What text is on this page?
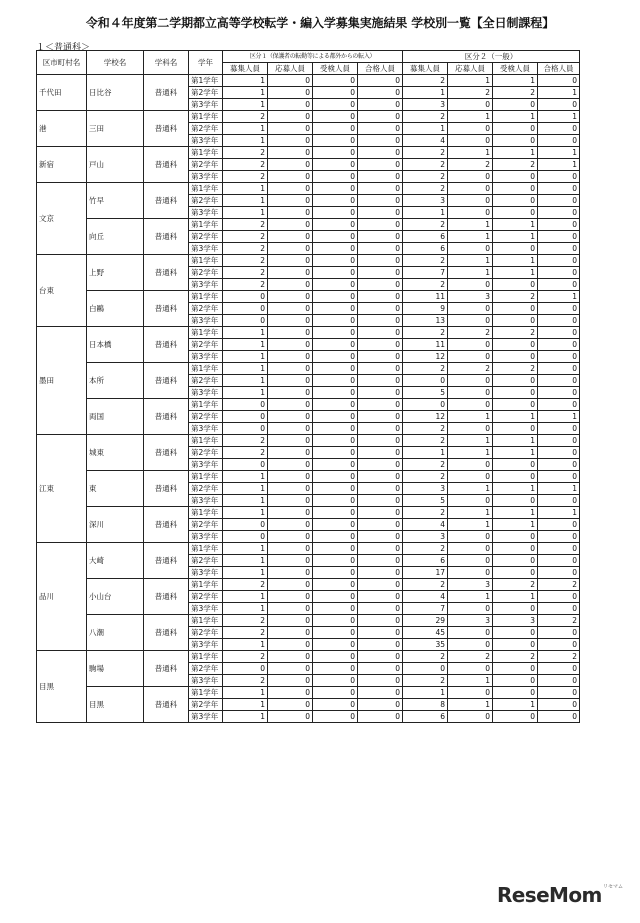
令和４年度第二学期都立高等学校転学・編入学募集実施結果 学校別一覧【全日制課程】
１＜普通科＞
区市町村名	学校名	学科名	学年	区分１（保護者の転勤等による都外からの転入）				区分２（一般）			
				募集人員	応募人員	受検人員	合格人員	募集人員	応募人員	受検人員	合格人員
千代田	日比谷	普通科	第1学年	1	0	0	0	2	1	1	0
			第2学年	1	0	0	0	1	2	2	1
			第3学年	1	0	0	0	3	0	0	0
港	三田	普通科	第1学年	2	0	0	0	2	1	1	1
			第2学年	1	0	0	0	1	0	0	0
			第3学年	1	0	0	0	4	0	0	0
新宿	戸山	普通科	第1学年	2	0	0	0	2	1	1	1
			第2学年	2	0	0	0	2	2	2	1
			第3学年	2	0	0	0	2	0	0	0
文京	竹早	普通科	第1学年	1	0	0	0	2	0	0	0
			第2学年	1	0	0	0	3	0	0	0
			第3学年	1	0	0	0	1	0	0	0
	向丘	普通科	第1学年	2	0	0	0	2	1	1	0
			第2学年	2	0	0	0	6	1	1	0
			第3学年	2	0	0	0	6	0	0	0
台東	上野	普通科	第1学年	2	0	0	0	2	1	1	0
			第2学年	2	0	0	0	7	1	1	0
			第3学年	2	0	0	0	2	0	0	0
	白鷗	普通科	第1学年	0	0	0	0	11	3	2	1
			第2学年	0	0	0	0	9	0	0	0
			第3学年	0	0	0	0	13	0	0	0
墨田	日本橋	普通科	第1学年	1	0	0	0	2	2	2	0
			第2学年	1	0	0	0	11	0	0	0
			第3学年	1	0	0	0	12	0	0	0
	本所	普通科	第1学年	1	0	0	0	2	2	2	0
			第2学年	1	0	0	0	0	0	0	0
			第3学年	1	0	0	0	5	0	0	0
	両国	普通科	第1学年	0	0	0	0	0	0	0	0
			第2学年	0	0	0	0	12	1	1	1
			第3学年	0	0	0	0	2	0	0	0
江東	城東	普通科	第1学年	2	0	0	0	2	1	1	0
			第2学年	2	0	0	0	1	1	1	0
			第3学年	0	0	0	0	2	0	0	0
	東	普通科	第1学年	1	0	0	0	2	0	0	0
			第2学年	1	0	0	0	3	1	1	1
			第3学年	1	0	0	0	5	0	0	0
	深川	普通科	第1学年	1	0	0	0	2	1	1	1
			第2学年	0	0	0	0	4	1	1	0
			第3学年	0	0	0	0	3	0	0	0
品川	大崎	普通科	第1学年	1	0	0	0	2	0	0	0
			第2学年	1	0	0	0	6	0	0	0
			第3学年	1	0	0	0	17	0	0	0
	小山台	普通科	第1学年	2	0	0	0	2	3	2	2
			第2学年	1	0	0	0	4	1	1	0
			第3学年	1	0	0	0	7	0	0	0
	八潮	普通科	第1学年	2	0	0	0	29	3	3	2
			第2学年	2	0	0	0	45	0	0	0
			第3学年	1	0	0	0	35	0	0	0
目黒	駒場	普通科	第1学年	2	0	0	0	2	2	2	2
			第2学年	0	0	0	0	0	0	0	0
			第3学年	2	0	0	0	2	1	0	0
	目黒	普通科	第1学年	1	0	0	0	1	0	0	0
			第2学年	1	0	0	0	8	1	1	0
			第3学年	1	0	0	0	6	0	0	0
ReseMom リセマム
